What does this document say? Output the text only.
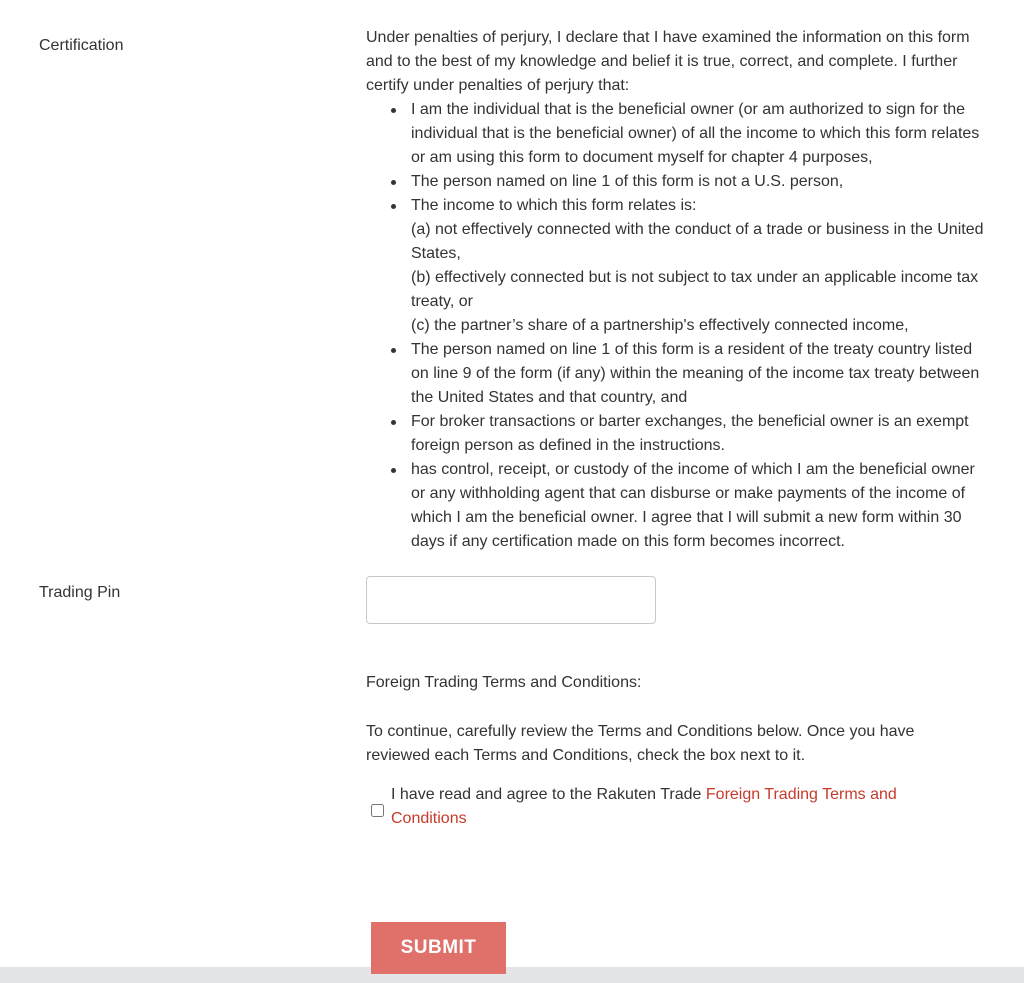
Certification	Under penalties of perjury, I declare that I have examined the information on this form and to the best of my knowledge and belief it is true, correct, and complete. I further certify under penalties of perjury that:

I am the individual that is the beneficial owner (or am authorized to sign for the individual that is the beneficial owner) of all the income to which this form relates or am using this form to document myself for chapter 4 purposes,
The person named on line 1 of this form is not a U.S. person,
The income to which this form relates is:
(a) not effectively connected with the conduct of a trade or business in the United States,
(b) effectively connected but is not subject to tax under an applicable income tax treaty, or
(c) the partner’s share of a partnership's effectively connected income,
The person named on line 1 of this form is a resident of the treaty country listed on line 9 of the form (if any) within the meaning of the income tax treaty between the United States and that country, and
For broker transactions or barter exchanges, the beneficial owner is an exempt foreign person as defined in the instructions.
has control, receipt, or custody of the income of which I am the beneficial owner or any withholding agent that can disburse or make payments of the income of which I am the beneficial owner. I agree that I will submit a new form within 30 days if any certification made on this form becomes incorrect.
Trading Pin
Foreign Trading Terms and Conditions:
To continue, carefully review the Terms and Conditions below. Once you have reviewed each Terms and Conditions, check the box next to it.
I have read and agree to the Rakuten Trade Foreign Trading Terms and Conditions
SUBMIT
